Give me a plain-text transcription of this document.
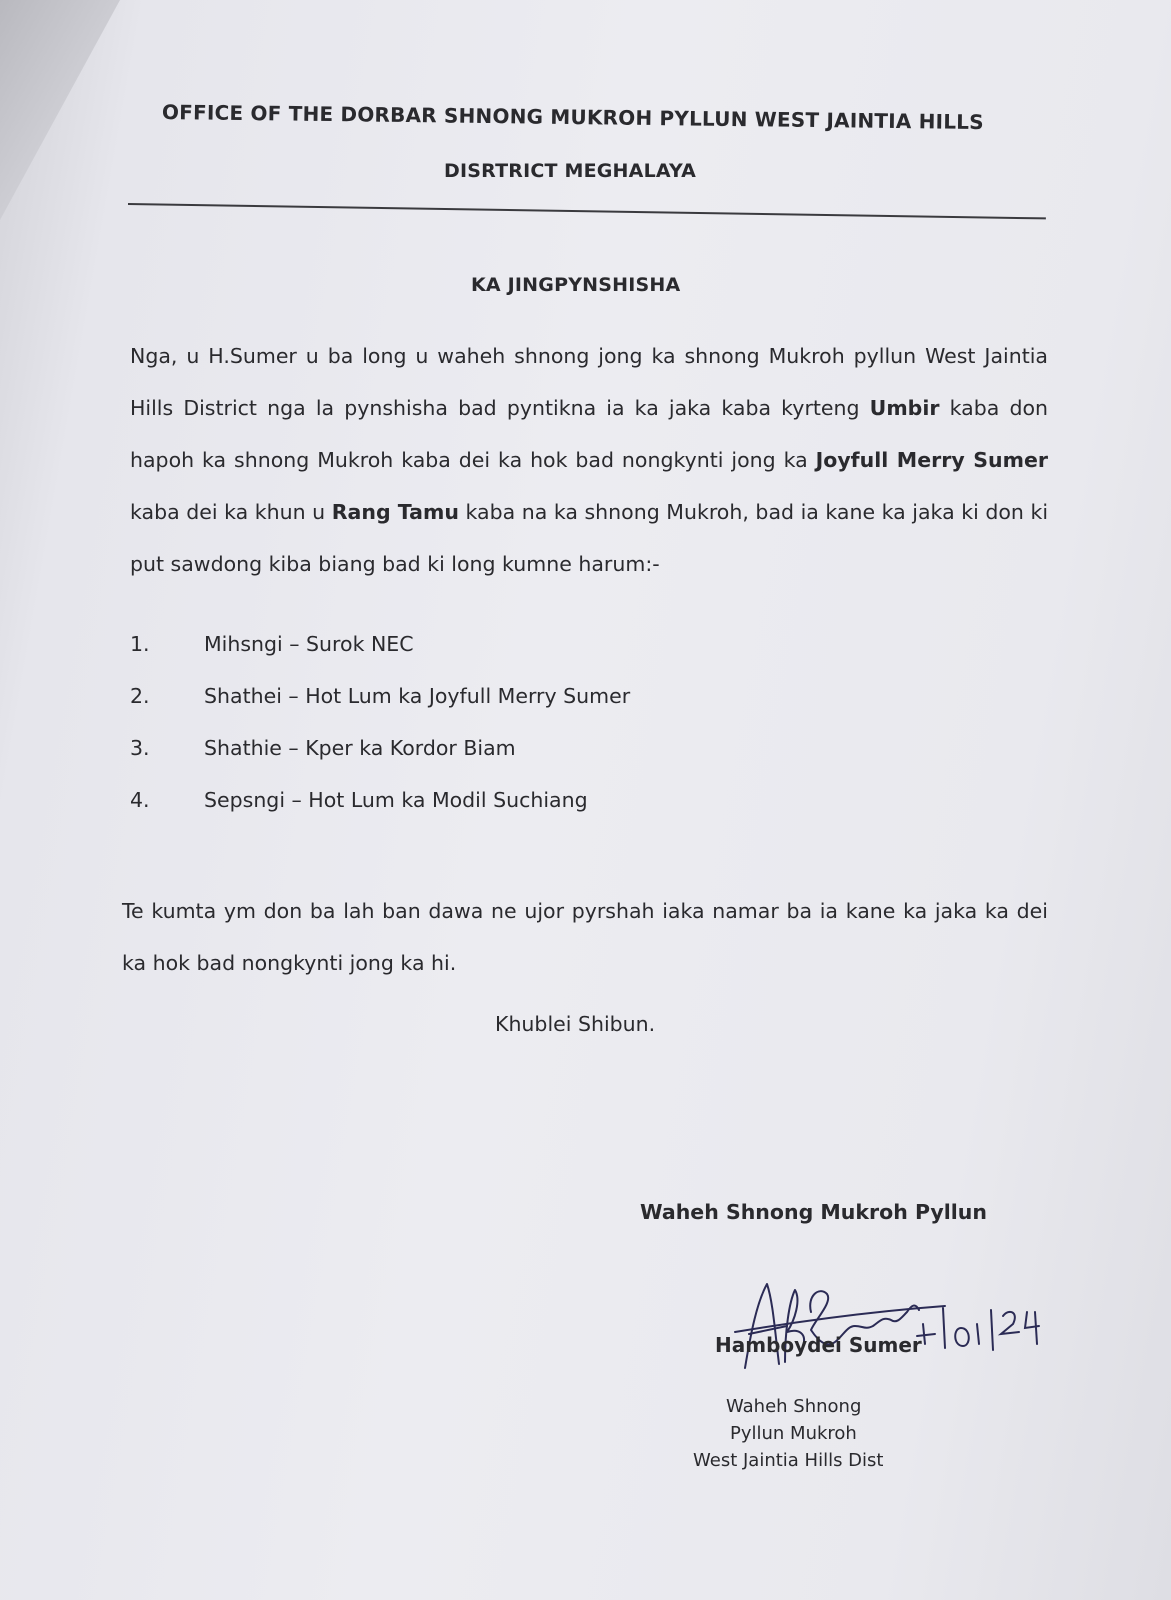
OFFICE OF THE DORBAR SHNONG MUKROH PYLLUN WEST JAINTIA HILLS
DISRTRICT MEGHALAYA
KA JINGPYNSHISHA
Nga, u H.Sumer u ba long u waheh shnong jong ka shnong Mukroh pyllun West Jaintia Hills District nga la pynshisha bad pyntikna ia ka jaka kaba kyrteng Umbir kaba don hapoh ka shnong Mukroh kaba dei ka hok bad nongkynti jong ka Joyfull Merry Sumer kaba dei ka khun u Rang Tamu kaba na ka shnong Mukroh, bad ia kane ka jaka ki don ki put sawdong kiba biang bad ki long kumne harum:-
1.	Mihsngi – Surok NEC
2.	Shathei – Hot Lum ka Joyfull Merry Sumer
3.	Shathie – Kper ka Kordor Biam
4.	Sepsngi – Hot Lum ka Modil Suchiang
Te kumta ym don ba lah ban dawa ne ujor pyrshah iaka namar ba ia kane ka jaka ka dei ka hok bad nongkynti jong ka hi.
Khublei Shibun.
Waheh Shnong Mukroh Pyllun
Hamboydei Sumer
Waheh Shnong
Pyllun Mukroh
West Jaintia Hills Dist
